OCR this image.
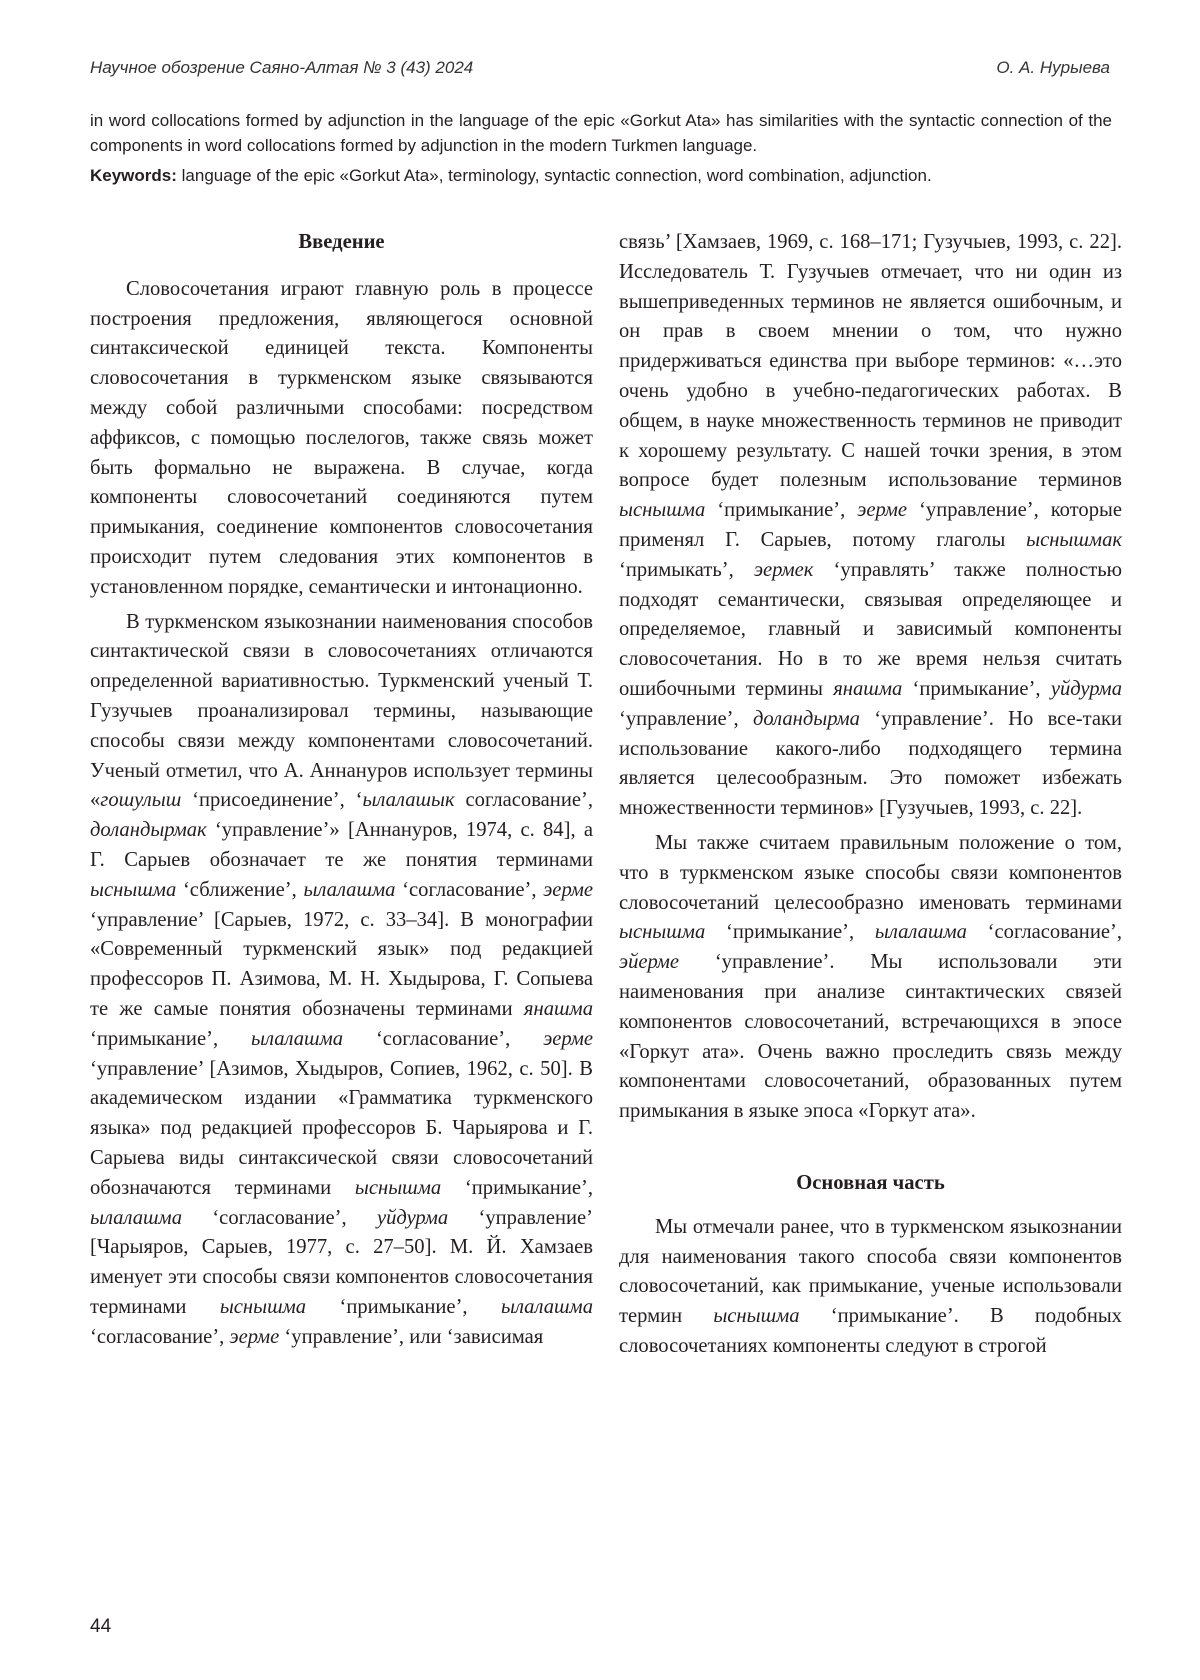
Научное обозрение Саяно-Алтая № 3 (43) 2024	О. А. Нурыева

in word collocations formed by adjunction in the language of the epic «Gorkut Ata» has similarities with the syntactic connection of the components in word collocations formed by adjunction in the modern Turkmen language.

Keywords: language of the epic «Gorkut Ata», terminology, syntactic connection, word combination, adjunction.

Введение

Словосочетания играют главную роль в процессе построения предложения, являющегося основной синтаксической единицей текста. Компоненты словосочетания в туркменском языке связываются между собой различными способами: посредством аффиксов, с помощью послелогов, также связь может быть формально не выражена. В случае, когда компоненты словосочетаний соединяются путем примыкания, соединение компонентов словосочетания происходит путем следования этих компонентов в установленном порядке, семантически и интонационно.

В туркменском языкознании наименования способов синтактической связи в словосочетаниях отличаются определенной вариативностью. Туркменский ученый Т. Гузучыев проанализировал термины, называющие способы связи между компонентами словосочетаний. Ученый отметил, что А. Аннануров использует термины «гошулыш ‘присоединение’, ‘ылалашык согласование’, доландырмак ‘управление’» [Аннануров, 1974, с. 84], а Г. Сарыев обозначает те же понятия терминами ыснышма ‘сближение’, ылалашма ‘согласование’, эерме ‘управление’ [Сарыев, 1972, с. 33–34]. В монографии «Современный туркменский язык» под редакцией профессоров П. Азимова, М. Н. Хыдырова, Г. Сопыева те же самые понятия обозначены терминами янашма ‘примыкание’, ылалашма ‘согласование’, эерме ‘управление’ [Азимов, Хыдыров, Сопиев, 1962, с. 50]. В академическом издании «Грамматика туркменского языка» под редакцией профессоров Б. Чарыярова и Г. Сарыева виды синтаксической связи словосочетаний обозначаются терминами ыснышма ‘примыкание’, ылалашма ‘согласование’, уйдурма ‘управление’ [Чарыяров, Сарыев, 1977, с. 27–50]. М. Й. Хамзаев именует эти способы связи компонентов словосочетания терминами ыснышма ‘примыкание’, ылалашма ‘согласование’, эерме ‘управление’, или ‘зависимая

связь’ [Хамзаев, 1969, с. 168–171; Гузучыев, 1993, с. 22]. Исследователь Т. Гузучыев отмечает, что ни один из вышеприведенных терминов не является ошибочным, и он прав в своем мнении о том, что нужно придерживаться единства при выборе терминов: «…это очень удобно в учебно-педагогических работах. В общем, в науке множественность терминов не приводит к хорошему результату. С нашей точки зрения, в этом вопросе будет полезным использование терминов ыснышма ‘примыкание’, эерме ‘управление’, которые применял Г. Сарыев, потому глаголы ыснышмак ‘примыкать’, эермек ‘управлять’ также полностью подходят семантически, связывая определяющее и определяемое, главный и зависимый компоненты словосочетания. Но в то же время нельзя считать ошибочными термины янашма ‘примыкание’, уйдурма ‘управление’, доландырма ‘управление’. Но все-таки использование какого-либо подходящего термина является целесообразным. Это поможет избежать множественности терминов» [Гузучыев, 1993, с. 22].

Мы также считаем правильным положение о том, что в туркменском языке способы связи компонентов словосочетаний целесообразно именовать терминами ыснышма ‘примыкание’, ылалашма ‘согласование’, эйерме ‘управление’. Мы использовали эти наименования при анализе синтактических связей компонентов словосочетаний, встречающихся в эпосе «Горкут ата». Очень важно проследить связь между компонентами словосочетаний, образованных путем примыкания в языке эпоса «Горкут ата».

Основная часть

Мы отмечали ранее, что в туркменском языкознании для наименования такого способа связи компонентов словосочетаний, как примыкание, ученые использовали термин ыснышма ‘примыкание’. В подобных словосочетаниях компоненты следуют в строгой

44
